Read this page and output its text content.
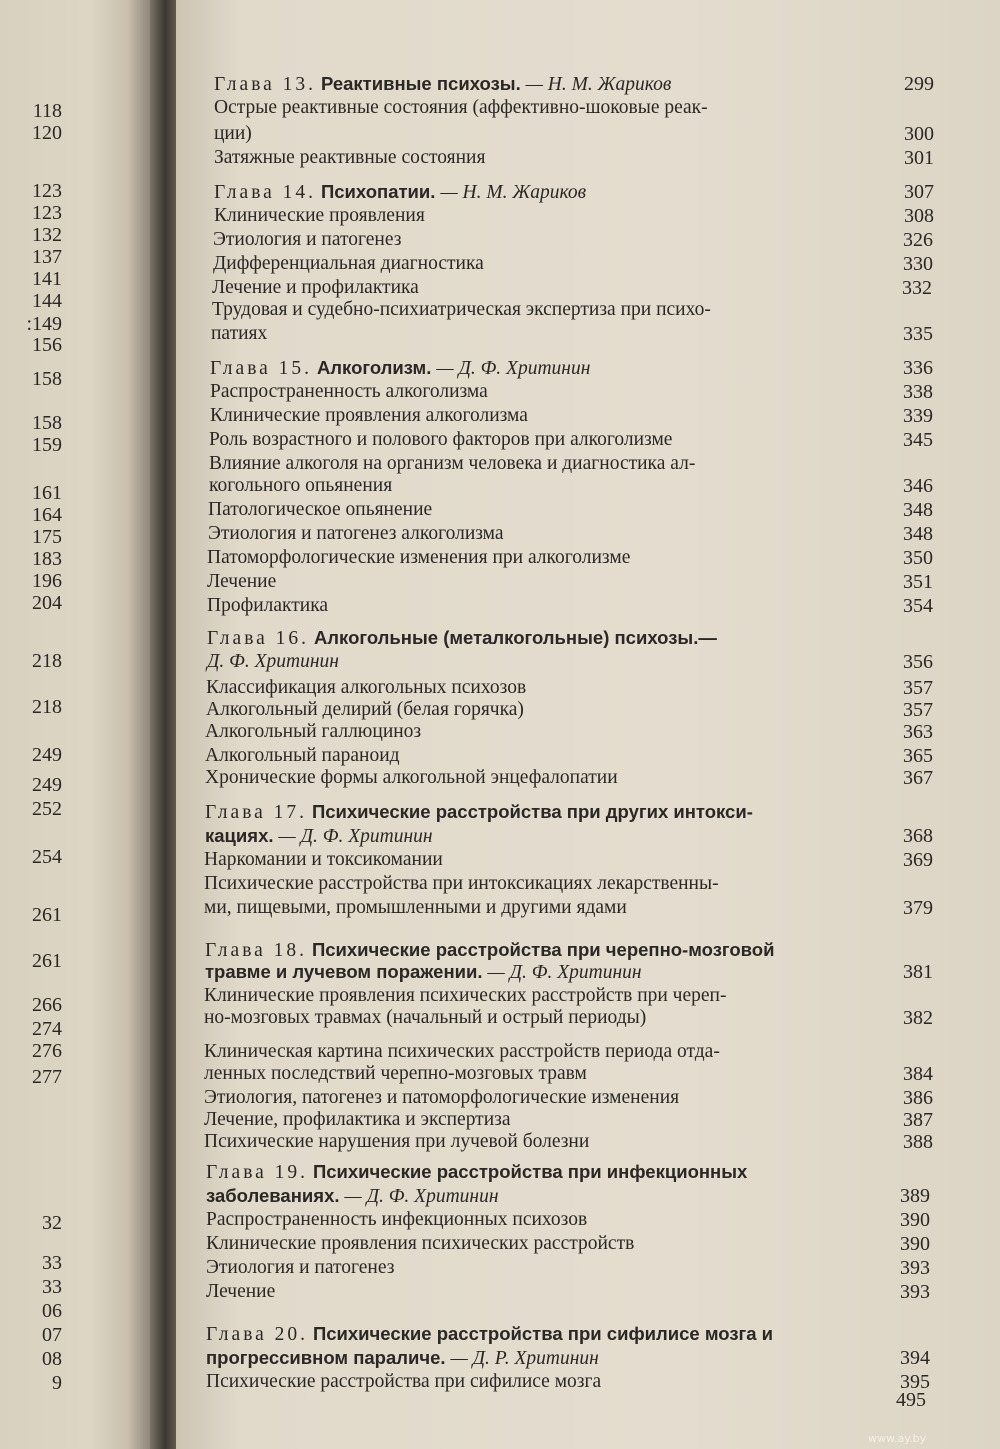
118
120
123
123
132
137
141
144
:149
156
158
158
159
161
164
175
183
196
204
218
218
249
249
252
254
261
261
266
274
276
277
32
33
33
06
07
08
9
Глава 13. Реактивные психозы. — Н. М. Жариков	299
Острые реактивные состояния (аффективно-шоковые реак-
ции)	300
Затяжные реактивные состояния	301
Глава 14. Психопатии. — Н. М. Жариков	307
Клинические проявления	308
Этиология и патогенез	326
Дифференциальная диагностика	330
Лечение и профилактика	332
Трудовая и судебно-психиатрическая экспертиза при психо-
патиях	335
Глава 15. Алкоголизм. — Д. Ф. Хритинин	336
Распространенность алкоголизма	338
Клинические проявления алкоголизма	339
Роль возрастного и полового факторов при алкоголизме	345
Влияние алкоголя на организм человека и диагностика ал-
когольного опьянения	346
Патологическое опьянение	348
Этиология и патогенез алкоголизма	348
Патоморфологические изменения при алкоголизме	350
Лечение	351
Профилактика	354
Глава 16. Алкогольные (металкогольные) психозы.—
Д. Ф. Хритинин	356
Классификация алкогольных психозов	357
Алкогольный делирий (белая горячка)	357
Алкогольный галлюциноз	363
Алкогольный параноид	365
Хронические формы алкогольной энцефалопатии	367
Глава 17. Психические расстройства при других интокси-
кациях. — Д. Ф. Хритинин	368
Наркомании и токсикомании	369
Психические расстройства при интоксикациях лекарственны-
ми, пищевыми, промышленными и другими ядами	379
Глава 18. Психические расстройства при черепно-мозговой
травме и лучевом поражении. — Д. Ф. Хритинин	381
Клинические проявления психических расстройств при череп-
но-мозговых травмах (начальный и острый периоды)	382
Клиническая картина психических расстройств периода отда-
ленных последствий черепно-мозговых травм	384
Этиология, патогенез и патоморфологические изменения	386
Лечение, профилактика и экспертиза	387
Психические нарушения при лучевой болезни	388
Глава 19. Психические расстройства при инфекционных
заболеваниях. — Д. Ф. Хритинин	389
Распространенность инфекционных психозов	390
Клинические проявления психических расстройств	390
Этиология и патогенез	393
Лечение	393
Глава 20. Психические расстройства при сифилисе мозга и
прогрессивном параличе. — Д. Р. Хритинин	394
Психические расстройства при сифилисе мозга	395
495
www.ay.by
